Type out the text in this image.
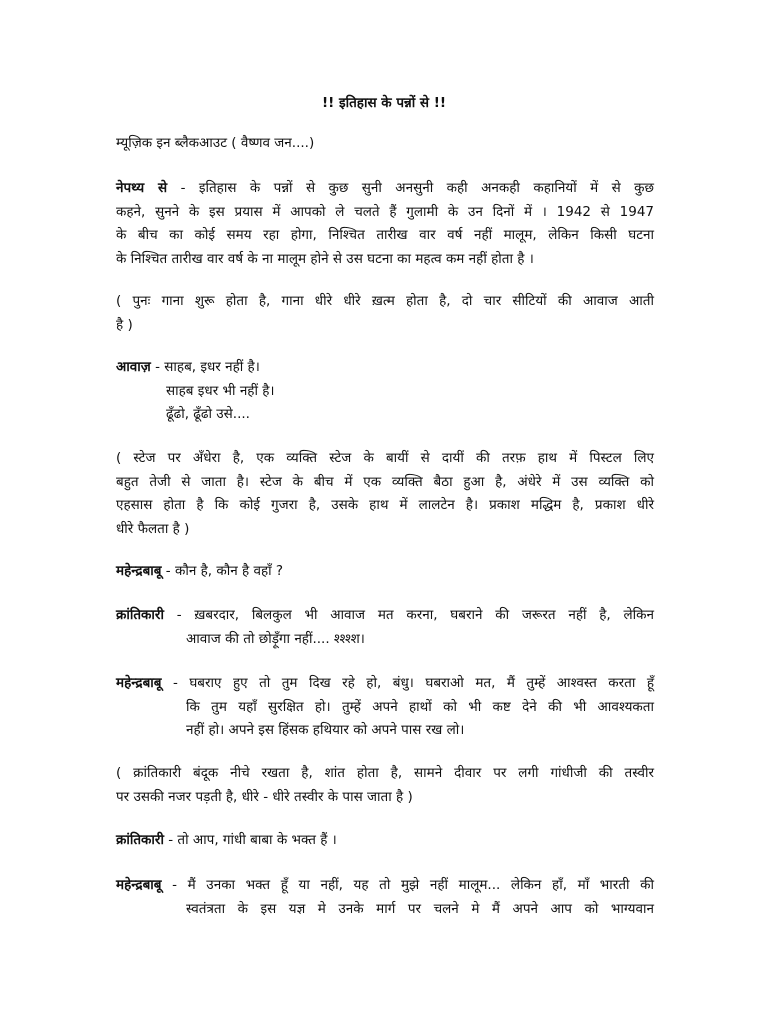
!! इतिहास के पन्नों से !!
म्यूज़िक इन ब्लैकआउट ( वैष्णव जन....)
नेपथ्य से - इतिहास के पन्नों से कुछ सुनी अनसुनी कही अनकही कहानियों में से कुछ
कहने, सुनने के इस प्रयास में आपको ले चलते हैं गुलामी के उन दिनों में । 1942 से 1947
के बीच का कोई समय रहा होगा, निश्चित तारीख वार वर्ष नहीं मालूम, लेकिन किसी घटना
के निश्चित तारीख वार वर्ष के ना मालूम होने से उस घटना का महत्व कम नहीं होता है ।
( पुनः गाना शुरू होता है, गाना धीरे धीरे ख़त्म होता है, दो चार सीटियों की आवाज आती
है )
आवाज़ - साहब, इधर नहीं है।
साहब इधर भी नहीं है।
ढूँढो, ढूँढो उसे....
( स्टेज पर अँधेरा है, एक व्यक्ति स्टेज के बायीं से दायीं की तरफ़ हाथ में पिस्टल लिए
बहुत तेजी से जाता है। स्टेज के बीच में एक व्यक्ति बैठा हुआ है, अंधेरे में उस व्यक्ति को
एहसास होता है कि कोई गुजरा है, उसके हाथ में लालटेन है। प्रकाश मद्धिम है, प्रकाश धीरे
धीरे फैलता है )
महेन्द्रबाबू - कौन है, कौन है वहाँ ?
क्रांतिकारी - ख़बरदार, बिलकुल भी आवाज मत करना, घबराने की जरूरत नहीं है, लेकिन
आवाज की तो छोड़ूँगा नहीं.... श्श्श्श।
महेन्द्रबाबू - घबराए हुए तो तुम दिख रहे हो, बंधु। घबराओ मत, मैं तुम्हें आश्वस्त करता हूँ
कि तुम यहाँ सुरक्षित हो। तुम्हें अपने हाथों को भी कष्ट देने की भी आवश्यकता
नहीं हो। अपने इस हिंसक हथियार को अपने पास रख लो।
( क्रांतिकारी बंदूक नीचे रखता है, शांत होता है, सामने दीवार पर लगी गांधीजी की तस्वीर
पर उसकी नजर पड़ती है, धीरे - धीरे तस्वीर के पास जाता है )
क्रांतिकारी - तो आप, गांधी बाबा के भक्त हैं ।
महेन्द्रबाबू - मैं उनका भक्त हूँ या नहीं, यह तो मुझे नहीं मालूम... लेकिन हाँ, माँ भारती की
स्वतंत्रता के इस यज्ञ मे उनके मार्ग पर चलने मे मैं अपने आप को भाग्यवान
